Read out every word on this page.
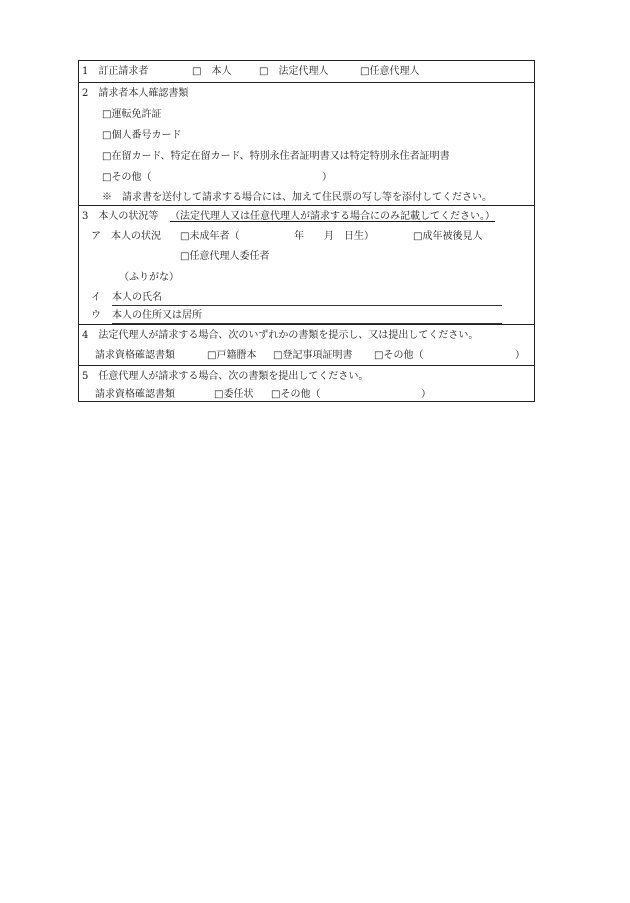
1　訂正請求者	□　本人	□　法定代理人	□任意代理人
2　請求者本人確認書類
□運転免許証
□個人番号カード
□在留カード、特定在留カード、特別永住者証明書又は特定特別永住者証明書
□その他（	）
※　請求書を送付して請求する場合には、加えて住民票の写し等を添付してください。
3　本人の状況等 （法定代理人又は任意代理人が請求する場合にのみ記載してください。）
ア　本人の状況 □未成年者（	年 月 日生）	□成年被後見人
□任意代理人委任者
（ふりがな）
イ 本人の氏名
ウ 本人の住所又は居所
4　法定代理人が請求する場合、次のいずれかの書類を提示し、又は提出してください。
請求資格確認書類	□戸籍謄本 □登記事項証明書 □その他（	）
5　任意代理人が請求する場合、次の書類を提出してください。
請求資格確認書類	□委任状 □その他（	）
